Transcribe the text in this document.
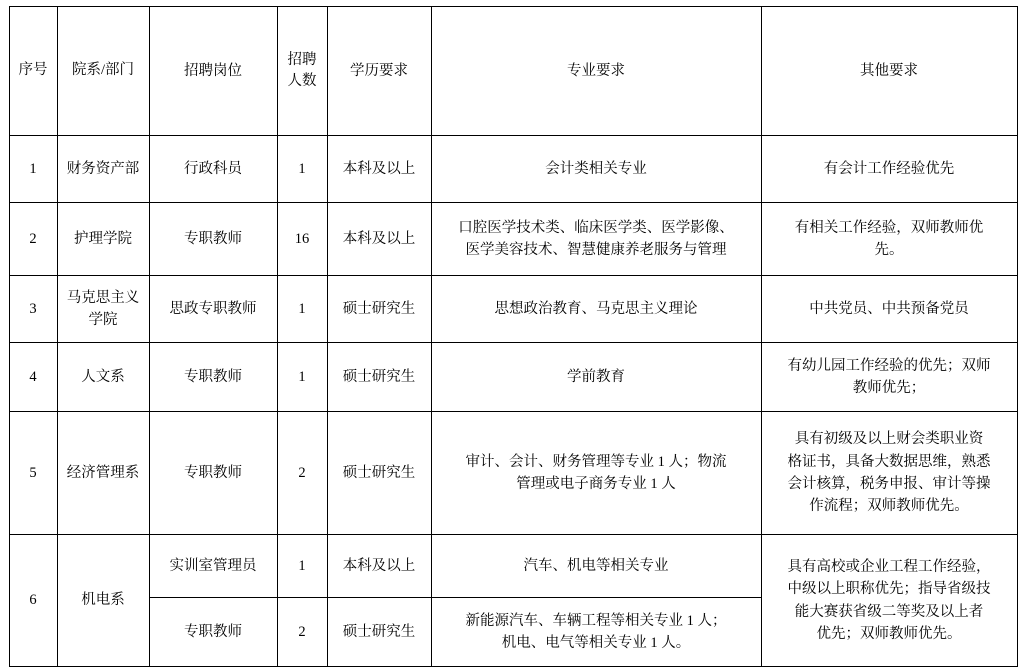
序号	院系/部门	招聘岗位	招聘人数	学历要求	专业要求	其他要求
1	财务资产部	行政科员	1	本科及以上	会计类相关专业	有会计工作经验优先

2	护理学院	专职教师	16	本科及以上	口腔医学技术类、临床医学类、医学影像、
医学美容技术、智慧健康养老服务与管理	有相关工作经验，双师教师优
先。

3	马克思主义学院	思政专职教师	1	硕士研究生	思想政治教育、马克思主义理论	中共党员、中共预备党员

4	人文系	专职教师	1	硕士研究生	学前教育	有幼儿园工作经验的优先；双师
教师优先；

5	经济管理系	专职教师	2	硕士研究生	审计、会计、财务管理等专业 1 人；物流
管理或电子商务专业 1 人	具有初级及以上财会类职业资
格证书，具备大数据思维，熟悉
会计核算，税务申报、审计等操
作流程；双师教师优先。

6	机电系	实训室管理员	1	本科及以上	汽车、机电等相关专业	具有高校或企业工程工作经验，
中级以上职称优先；指导省级技
能大赛获省级二等奖及以上者
优先；双师教师优先。

		专职教师	2	硕士研究生	新能源汽车、车辆工程等相关专业 1 人；
机电、电气等相关专业 1 人。	
